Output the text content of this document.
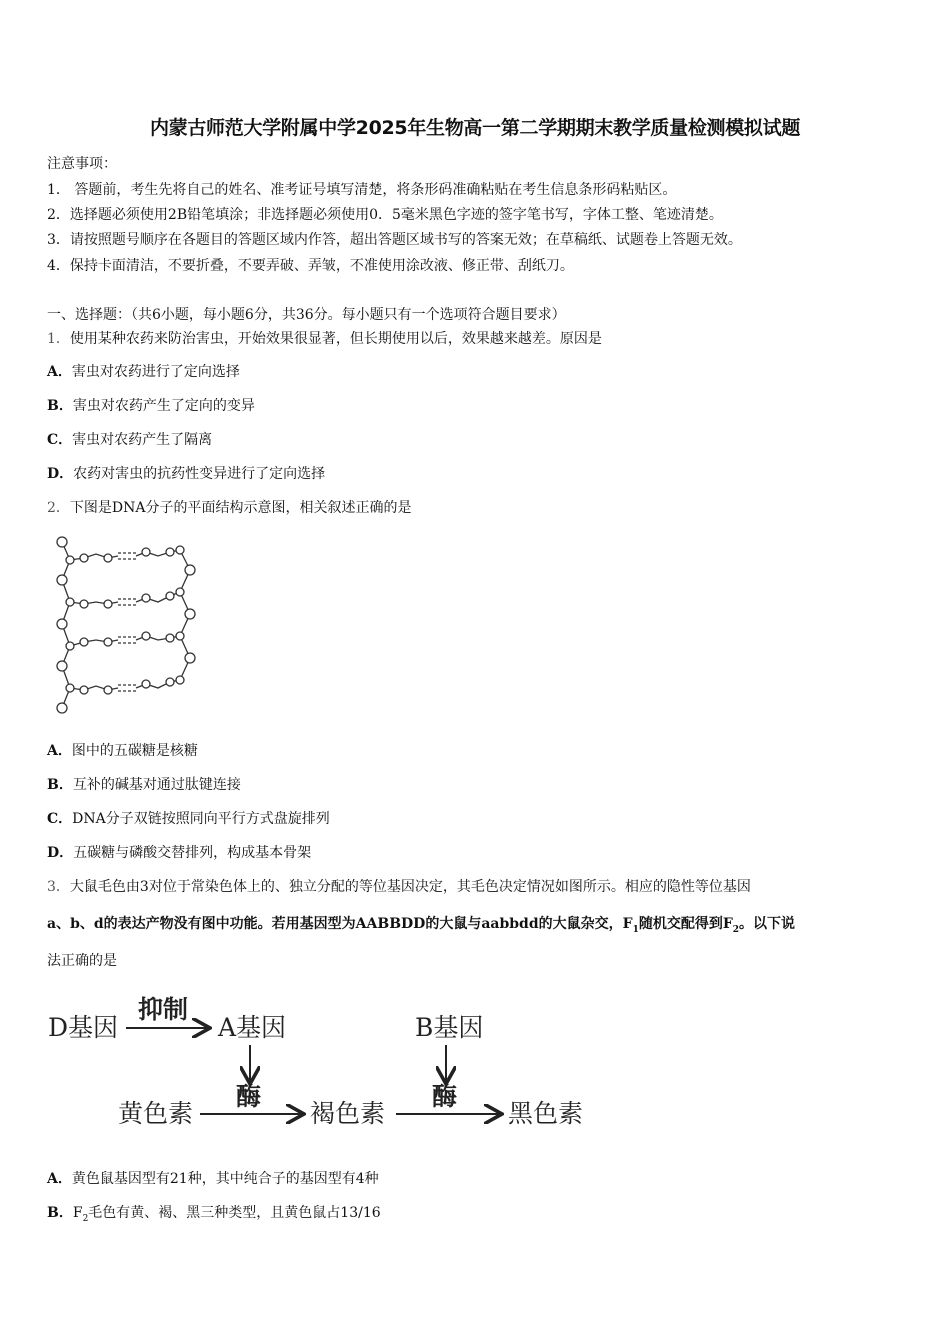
内蒙古师范大学附属中学2025年生物高一第二学期期末教学质量检测模拟试题
注意事项：
1． 答题前，考生先将自己的姓名、准考证号填写清楚，将条形码准确粘贴在考生信息条形码粘贴区。
2．选择题必须使用2B铅笔填涂；非选择题必须使用0．5毫米黑色字迹的签字笔书写，字体工整、笔迹清楚。
3．请按照题号顺序在各题目的答题区域内作答，超出答题区域书写的答案无效；在草稿纸、试题卷上答题无效。
4．保持卡面清洁，不要折叠，不要弄破、弄皱，不准使用涂改液、修正带、刮纸刀。
一、选择题：（共6小题，每小题6分，共36分。每小题只有一个选项符合题目要求）
1．使用某种农药来防治害虫，开始效果很显著，但长期使用以后，效果越来越差。原因是
A．害虫对农药进行了定向选择
B．害虫对农药产生了定向的变异
C．害虫对农药产生了隔离
D．农药对害虫的抗药性变异进行了定向选择
2．下图是DNA分子的平面结构示意图，相关叙述正确的是
A．图中的五碳糖是核糖
B．互补的碱基对通过肽键连接
C．DNA分子双链按照同向平行方式盘旋排列
D．五碳糖与磷酸交替排列，构成基本骨架
3．大鼠毛色由3对位于常染色体上的、独立分配的等位基因决定，其毛色决定情况如图所示。相应的隐性等位基因
a、b、d的表达产物没有图中功能。若用基因型为AABBDD的大鼠与aabbdd的大鼠杂交，$F_1$随机交配得到$F_2$。以下说
法正确的是
D基因
抑制
A基因	B基因
酶	酶
黄色素	褐色素	黑色素
A．黄色鼠基因型有21种，其中纯合子的基因型有4种
B．$F_2$毛色有黄、褐、黑三种类型，且黄色鼠占13/16
